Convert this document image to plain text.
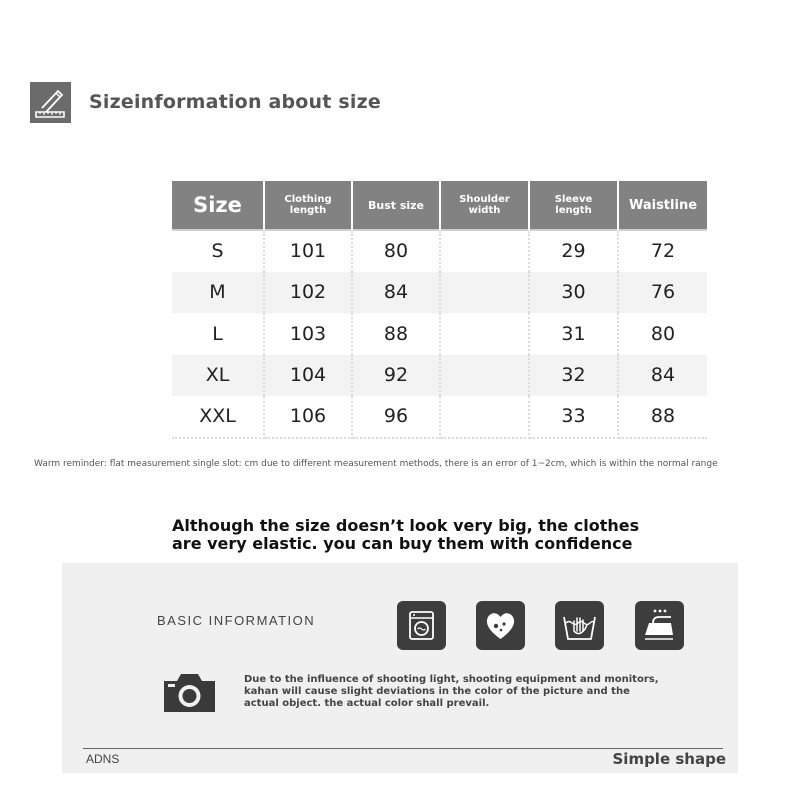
Sizeinformation about size
Size	Clothing length	Bust size	Shoulder width	Sleeve length	Waistline
S	101	80		29	72
M	102	84		30	76
L	103	88		31	80
XL	104	92		32	84
XXL	106	96		33	88
Warm reminder: flat measurement single slot: cm due to different measurement methods, there is an error of 1~2cm, which is within the normal range
Although the size doesn’t look very big, the clothes
are very elastic. you can buy them with confidence
BASIC INFORMATION
Due to the influence of shooting light, shooting equipment and monitors, kahan will cause slight deviations in the color of the picture and the actual object. the actual color shall prevail.
ADNS	Simple shape
